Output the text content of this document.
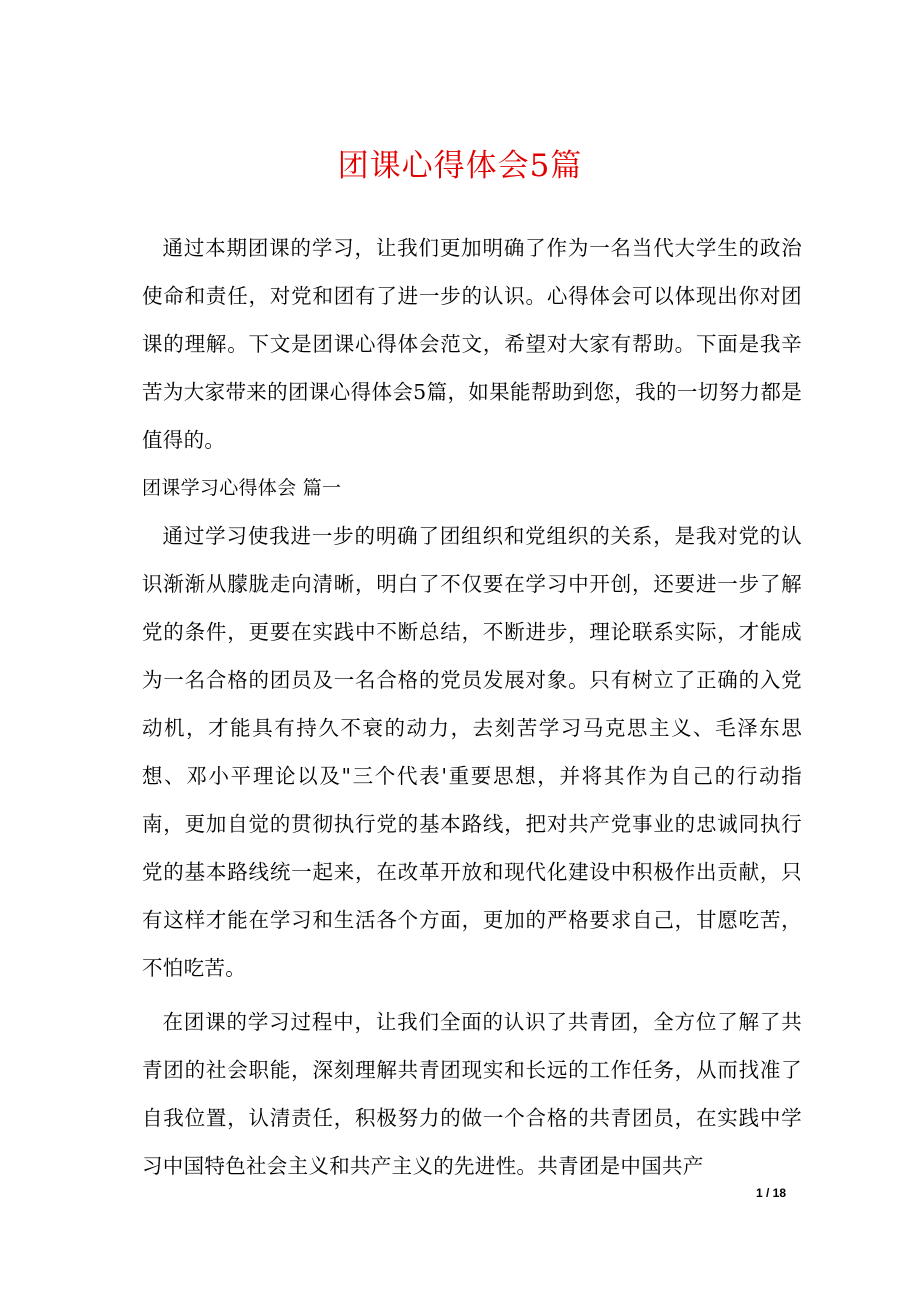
团课心得体会5篇

通过本期团课的学习，让我们更加明确了作为一名当代大学生的政治使命和责任，对党和团有了进一步的认识。心得体会可以体现出你对团课的理解。下文是团课心得体会范文，希望对大家有帮助。下面是我辛苦为大家带来的团课心得体会5篇，如果能帮助到您，我的一切努力都是值得的。

团课学习心得体会 篇一

通过学习使我进一步的明确了团组织和党组织的关系，是我对党的认识渐渐从朦胧走向清晰，明白了不仅要在学习中开创，还要进一步了解党的条件，更要在实践中不断总结，不断进步，理论联系实际，才能成为一名合格的团员及一名合格的党员发展对象。只有树立了正确的入党动机，才能具有持久不衰的动力，去刻苦学习马克思主义、毛泽东思想、邓小平理论以及"三个代表'重要思想，并将其作为自己的行动指南，更加自觉的贯彻执行党的基本路线，把对共产党事业的忠诚同执行党的基本路线统一起来，在改革开放和现代化建设中积极作出贡献，只有这样才能在学习和生活各个方面，更加的严格要求自己，甘愿吃苦，不怕吃苦。

在团课的学习过程中，让我们全面的认识了共青团，全方位了解了共青团的社会职能，深刻理解共青团现实和长远的工作任务，从而找准了自我位置，认清责任，积极努力的做一个合格的共青团员，在实践中学习中国特色社会主义和共产主义的先进性。共青团是中国共产

1 / 18
